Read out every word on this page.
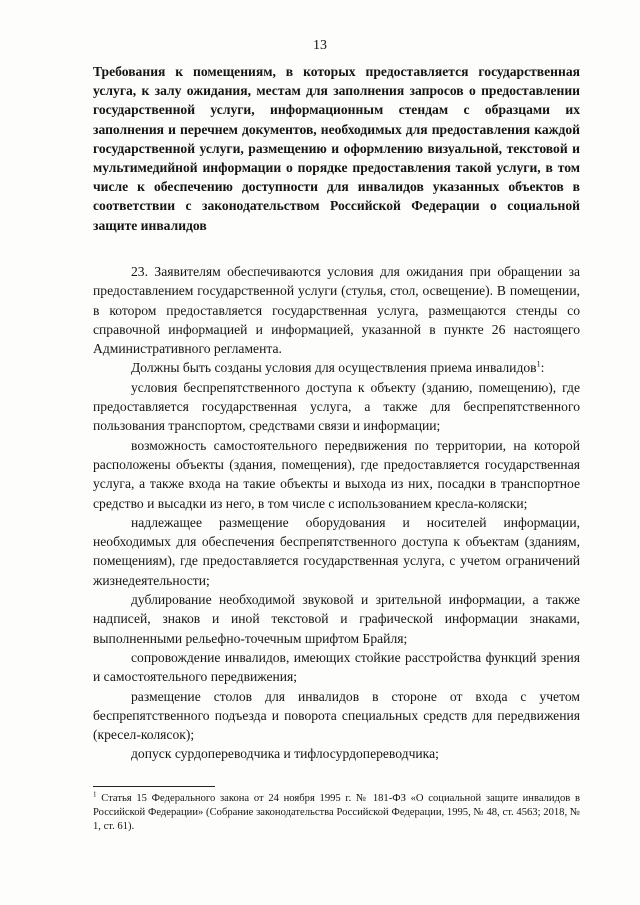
13
Требования к помещениям, в которых предоставляется государственная услуга, к залу ожидания, местам для заполнения запросов о предоставлении государственной услуги, информационным стендам с образцами их заполнения и перечнем документов, необходимых для предоставления каждой государственной услуги, размещению и оформлению визуальной, текстовой и мультимедийной информации о порядке предоставления такой услуги, в том числе к обеспечению доступности для инвалидов указанных объектов в соответствии с законодательством Российской Федерации о социальной защите инвалидов

23. Заявителям обеспечиваются условия для ожидания при обращении за предоставлением государственной услуги (стулья, стол, освещение). В помещении, в котором предоставляется государственная услуга, размещаются стенды со справочной информацией и информацией, указанной в пункте 26 настоящего Административного регламента.

Должны быть созданы условия для осуществления приема инвалидов$^1$:

условия беспрепятственного доступа к объекту (зданию, помещению), где предоставляется государственная услуга, а также для беспрепятственного пользования транспортом, средствами связи и информации;

возможность самостоятельного передвижения по территории, на которой расположены объекты (здания, помещения), где предоставляется государственная услуга, а также входа на такие объекты и выхода из них, посадки в транспортное средство и высадки из него, в том числе с использованием кресла-коляски;

надлежащее размещение оборудования и носителей информации, необходимых для обеспечения беспрепятственного доступа к объектам (зданиям, помещениям), где предоставляется государственная услуга, с учетом ограничений жизнедеятельности;

дублирование необходимой звуковой и зрительной информации, а также надписей, знаков и иной текстовой и графической информации знаками, выполненными рельефно-точечным шрифтом Брайля;

сопровождение инвалидов, имеющих стойкие расстройства функций зрения и самостоятельного передвижения;

размещение столов для инвалидов в стороне от входа с учетом беспрепятственного подъезда и поворота специальных средств для передвижения (кресел-колясок);

допуск сурдопереводчика и тифлосурдопереводчика;

$^1$ Статья 15 Федерального закона от 24 ноября 1995 г. № 181-ФЗ «О социальной защите инвалидов в Российской Федерации» (Собрание законодательства Российской Федерации, 1995, № 48, ст. 4563; 2018, № 1, ст. 61).
